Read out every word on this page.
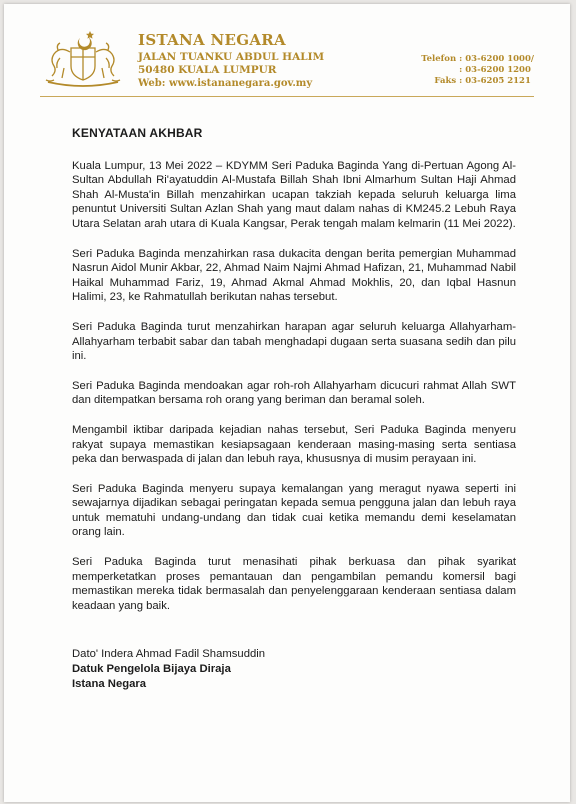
ISTANA NEGARA
JALAN TUANKU ABDUL HALIM
50480 KUALA LUMPUR
Web: www.istananegara.gov.my
Telefon : 03-6200 1000/
: 03-6200 1200
Faks : 03-6205 2121
KENYATAAN AKHBAR

Kuala Lumpur, 13 Mei 2022 – KDYMM Seri Paduka Baginda Yang di-Pertuan Agong Al-Sultan Abdullah Ri'ayatuddin Al-Mustafa Billah Shah Ibni Almarhum Sultan Haji Ahmad Shah Al-Musta'in Billah menzahirkan ucapan takziah kepada seluruh keluarga lima penuntut Universiti Sultan Azlan Shah yang maut dalam nahas di KM245.2 Lebuh Raya Utara Selatan arah utara di Kuala Kangsar, Perak tengah malam kelmarin (11 Mei 2022).

Seri Paduka Baginda menzahirkan rasa dukacita dengan berita pemergian Muhammad Nasrun Aidol Munir Akbar, 22, Ahmad Naim Najmi Ahmad Hafizan, 21, Muhammad Nabil Haikal Muhammad Fariz, 19, Ahmad Akmal Ahmad Mokhlis, 20, dan Iqbal Hasnun Halimi, 23, ke Rahmatullah berikutan nahas tersebut.

Seri Paduka Baginda turut menzahirkan harapan agar seluruh keluarga Allahyarham-Allahyarham terbabit sabar dan tabah menghadapi dugaan serta suasana sedih dan pilu ini.

Seri Paduka Baginda mendoakan agar roh-roh Allahyarham dicucuri rahmat Allah SWT dan ditempatkan bersama roh orang yang beriman dan beramal soleh.

Mengambil iktibar daripada kejadian nahas tersebut, Seri Paduka Baginda menyeru rakyat supaya memastikan kesiapsagaan kenderaan masing-masing serta sentiasa peka dan berwaspada di jalan dan lebuh raya, khususnya di musim perayaan ini.

Seri Paduka Baginda menyeru supaya kemalangan yang meragut nyawa seperti ini sewajarnya dijadikan sebagai peringatan kepada semua pengguna jalan dan lebuh raya untuk mematuhi undang-undang dan tidak cuai ketika memandu demi keselamatan orang lain.

Seri Paduka Baginda turut menasihati pihak berkuasa dan pihak syarikat memperketatkan proses pemantauan dan pengambilan pemandu komersil bagi memastikan mereka tidak bermasalah dan penyelenggaraan kenderaan sentiasa dalam keadaan yang baik.

Dato' Indera Ahmad Fadil Shamsuddin
Datuk Pengelola Bijaya Diraja
Istana Negara
